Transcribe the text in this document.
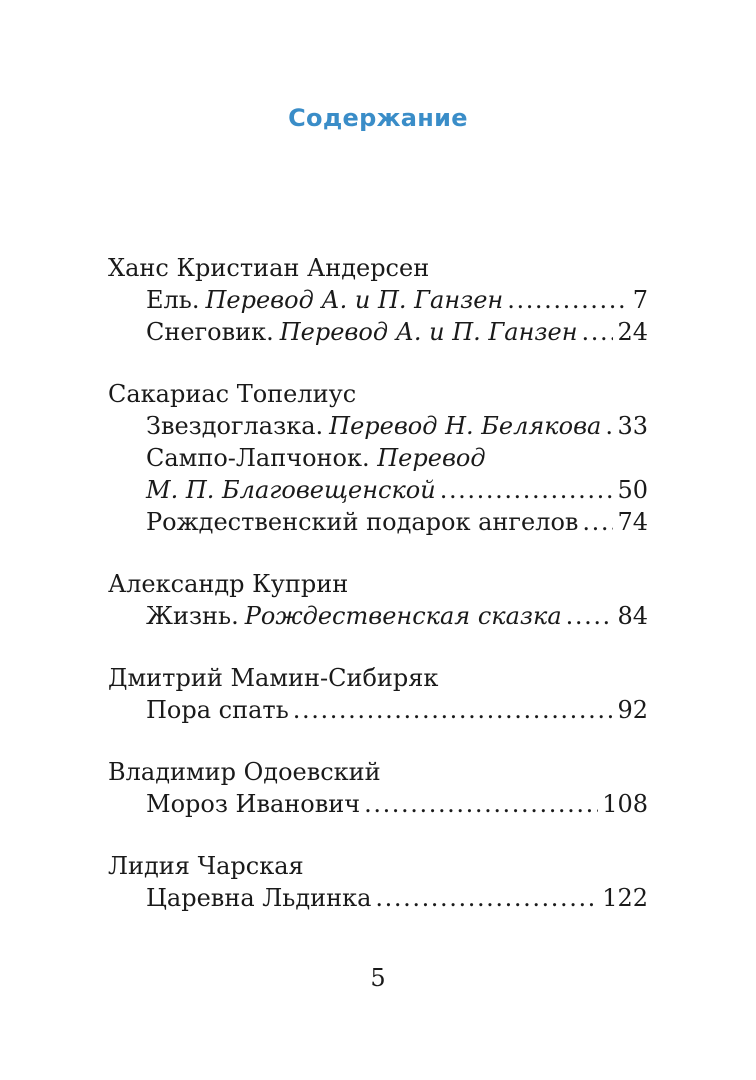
Содержание
Ханс Кристиан Андерсен
Ель. Перевод А. и П. Ганзен .....	7
Снеговик. Перевод А. и П. Ганзен ..... 24
Сакариас Топелиус
Звездоглазка. Перевод Н. Белякова ..... 33
Сампо-Лапчонок. Перевод
М. П. Благовещенской .....	50
Рождественский подарок ангелов ..... 74
Александр Куприн
Жизнь. Рождественская сказка ..... 84
Дмитрий Мамин-Сибиряк
Пора спать .....	92
Владимир Одоевский
Мороз Иванович .....	108
Лидия Чарская
Царевна Льдинка .....	122
5
